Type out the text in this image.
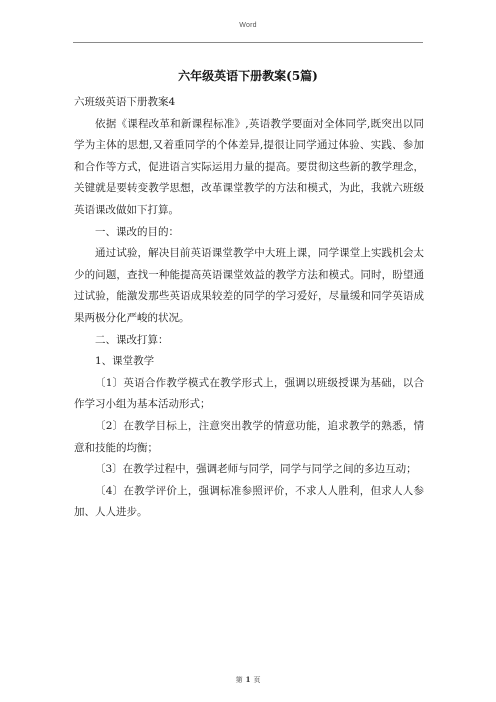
Word
六年级英语下册教案(5篇)

六班级英语下册教案4

依据《课程改革和新课程标准》,英语教学要面对全体同学,既突出以同学为主体的思想,又着重同学的个体差异,提很让同学通过体验、实践、参加和合作等方式，促进语言实际运用力量的提高。要贯彻这些新的教学理念，关键就是要转变教学思想，改革课堂教学的方法和模式，为此，我就六班级英语课改做如下打算。

一、课改的目的：

通过试验，解决目前英语课堂教学中大班上课，同学课堂上实践机会太少的问题，查找一种能提高英语课堂效益的教学方法和模式。同时，盼望通过试验，能激发那些英语成果较差的同学的学习爱好，尽量缓和同学英语成果两极分化严峻的状况。

二、课改打算：

1、课堂教学

〔1〕英语合作教学模式在教学形式上，强调以班级授课为基础，以合作学习小组为基本活动形式；

〔2〕在教学目标上，注意突出教学的情意功能，追求教学的熟悉，情意和技能的均衡；

〔3〕在教学过程中，强调老师与同学，同学与同学之间的多边互动；

〔4〕在教学评价上，强调标准参照评价，不求人人胜利，但求人人参加、人人进步。

第 1 页
